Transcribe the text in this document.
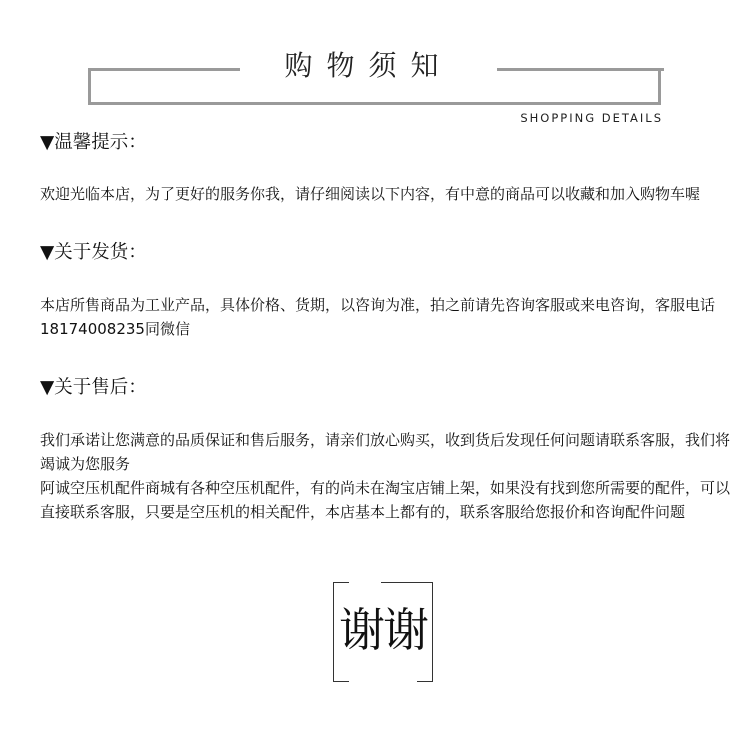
购物须知
SHOPPING DETAILS
▼温馨提示：
欢迎光临本店，为了更好的服务你我，请仔细阅读以下内容，有中意的商品可以收藏和加入购物车喔
▼关于发货：
本店所售商品为工业产品，具体价格、货期，以咨询为准，拍之前请先咨询客服或来电咨询，客服电话
18174008235同微信
▼关于售后：
我们承诺让您满意的品质保证和售后服务，请亲们放心购买，收到货后发现任何问题请联系客服，我们将
竭诚为您服务
阿诚空压机配件商城有各种空压机配件，有的尚未在淘宝店铺上架，如果没有找到您所需要的配件，可以
直接联系客服，只要是空压机的相关配件，本店基本上都有的，联系客服给您报价和咨询配件问题
谢谢
